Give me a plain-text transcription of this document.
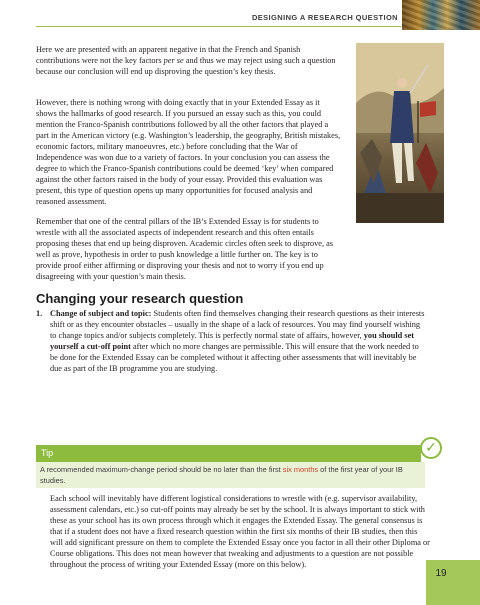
DESIGNING A RESEARCH QUESTION

Here we are presented with an apparent negative in that the French and Spanish contributions were not the key factors per se and thus we may reject using such a question because our conclusion will end up disproving the question’s key thesis.

However, there is nothing wrong with doing exactly that in your Extended Essay as it shows the hallmarks of good research. If you pursued an essay such as this, you could mention the Franco-Spanish contributions followed by all the other factors that played a part in the American victory (e.g. Washington’s leadership, the geography, British mistakes, economic factors, military manoeuvres, etc.) before concluding that the War of Independence was won due to a variety of factors. In your conclusion you can assess the degree to which the Franco-Spanish contributions could be deemed ‘key’ when compared against the other factors raised in the body of your essay. Provided this evaluation was present, this type of question opens up many opportunities for focused analysis and reasoned assessment.

Remember that one of the central pillars of the IB’s Extended Essay is for students to wrestle with all the associated aspects of independent research and this often entails proposing theses that end up being disproven. Academic circles often seek to disprove, as well as prove, hypothesis in order to push knowledge a little further on. The key is to provide proof either affirming or disproving your thesis and not to worry if you end up disagreeing with your question’s main thesis.

Changing your research question
1. Change of subject and topic: Students often find themselves changing their research questions as their interests shift or as they encounter obstacles – usually in the shape of a lack of resources. You may find yourself wishing to change topics and/or subjects completely. This is perfectly normal state of affairs, however, you should set yourself a cut-off point after which no more changes are permissible. This will ensure that the work needed to be done for the Extended Essay can be completed without it affecting other assessments that will inevitably be due as part of the IB programme you are studying.
Tip	✓
A recommended maximum-change period should be no later than the first six months of the first year of your IB studies.
Each school will inevitably have different logistical considerations to wrestle with (e.g. supervisor availability, assessment calendars, etc.) so cut-off points may already be set by the school. It is always important to stick with these as your school has its own process through which it engages the Extended Essay. The general consensus is that if a student does not have a fixed research question within the first six months of their IB studies, then this will add significant pressure on them to complete the Extended Essay once you factor in all their other Diploma or Course obligations. This does not mean however that tweaking and adjustments to a question are not possible throughout the process of writing your Extended Essay (more on this below).
19
